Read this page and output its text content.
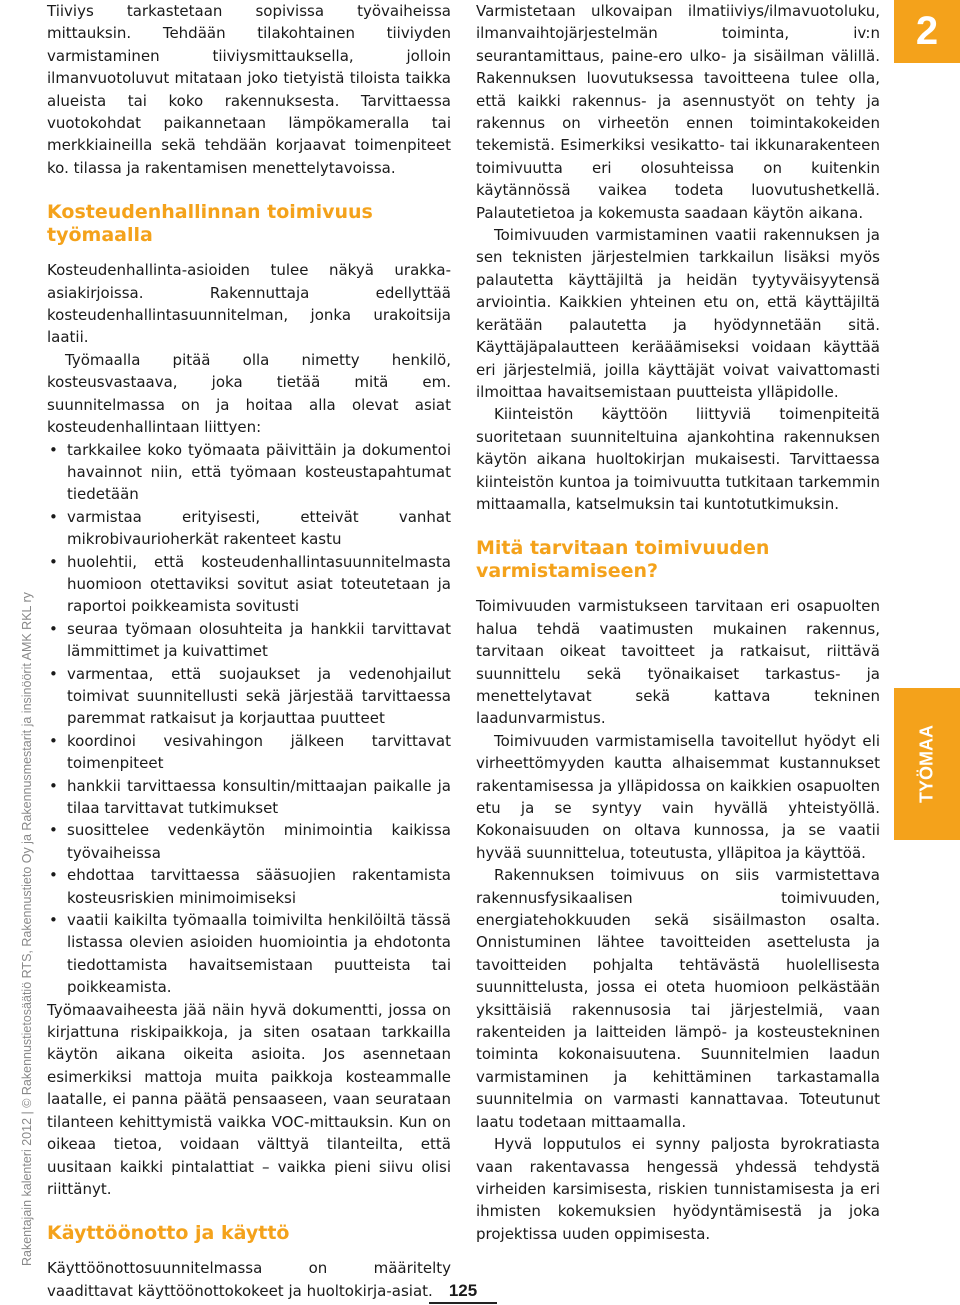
Rakentajain kalenteri 2012 | © Rakennustietosäätiö RTS, Rakennustieto Oy ja Rakennusmestarit ja insinöörit AMK RKL ry
2
TYÖMAA

Tiiviys tarkastetaan sopivissa työvaiheissa mittauksin. Tehdään tilakohtainen tiiviyden varmistaminen tiiviysmittauksella, jolloin ilmanvuotoluvut mitataan joko tietyistä tiloista taikka alueista tai koko rakennuksesta. Tarvittaessa vuotokohdat paikannetaan lämpökameralla tai merkkiaineilla sekä tehdään korjaavat toimenpiteet ko. tilassa ja rakentamisen menettelytavoissa.

Kosteudenhallinnan toimivuus työmaalla

Kosteudenhallinta-asioiden tulee näkyä urakka-asiakirjoissa. Rakennuttaja edellyttää kosteudenhallintasuunnitelman, jonka urakoitsija laatii.

Työmaalla pitää olla nimetty henkilö, kosteusvastaava, joka tietää mitä em. suunnitelmassa on ja hoitaa alla olevat asiat kosteudenhallintaan liittyen:

• tarkkailee koko työmaata päivittäin ja dokumentoi havainnot niin, että työmaan kosteustapahtumat tiedetään
• varmistaa erityisesti, etteivät vanhat mikrobivaurioherkät rakenteet kastu
• huolehtii, että kosteudenhallintasuunnitelmasta huomioon otettaviksi sovitut asiat toteutetaan ja raportoi poikkeamista sovitusti
• seuraa työmaan olosuhteita ja hankkii tarvittavat lämmittimet ja kuivattimet
• varmentaa, että suojaukset ja vedenohjailut toimivat suunnitellusti sekä järjestää tarvittaessa paremmat ratkaisut ja korjauttaa puutteet
• koordinoi vesivahingon jälkeen tarvittavat toimenpiteet
• hankkii tarvittaessa konsultin/mittaajan paikalle ja tilaa tarvittavat tutkimukset
• suosittelee vedenkäytön minimointia kaikissa työvaiheissa
• ehdottaa tarvittaessa sääsuojien rakentamista kosteusriskien minimoimiseksi
• vaatii kaikilta työmaalla toimivilta henkilöiltä tässä listassa olevien asioiden huomiointia ja ehdotonta tiedottamista havaitsemistaan puutteista tai poikkeamista.

Työmaavaiheesta jää näin hyvä dokumentti, jossa on kirjattuna riskipaikkoja, ja siten osataan tarkkailla käytön aikana oikeita asioita. Jos asennetaan esimerkiksi mattoja muita paikkoja kosteammalle laatalle, ei panna päätä pensaaseen, vaan seurataan tilanteen kehittymistä vaikka VOC-mittauksin. Kun on oikeaa tietoa, voidaan välttyä tilanteilta, että uusitaan kaikki pintalattiat – vaikka pieni siivu olisi riittänyt.

Käyttöönotto ja käyttö

Käyttöönottosuunnitelmassa on määritelty vaadittavat käyttöönottokokeet ja huoltokirja-asiat.

Varmistetaan ulkovaipan ilmatiiviys/ilmavuotoluku, ilmanvaihtojärjestelmän toiminta, iv:n seurantamittaus, paine-ero ulko- ja sisäilman välillä. Rakennuksen luovutuksessa tavoitteena tulee olla, että kaikki rakennus- ja asennustyöt on tehty ja rakennus on virheetön ennen toimintakokeiden tekemistä. Esimerkiksi vesikatto- tai ikkunarakenteen toimivuutta eri olosuhteissa on kuitenkin käytännössä vaikea todeta luovutushetkellä. Palautetietoa ja kokemusta saadaan käytön aikana.

Toimivuuden varmistaminen vaatii rakennuksen ja sen teknisten järjestelmien tarkkailun lisäksi myös palautetta käyttäjiltä ja heidän tyytyväisyytensä arviointia. Kaikkien yhteinen etu on, että käyttäjiltä kerätään palautetta ja hyödynnetään sitä. Käyttäjäpalautteen kerääämiseksi voidaan käyttää eri järjestelmiä, joilla käyttäjät voivat vaivattomasti ilmoittaa havaitsemistaan puutteista ylläpidolle.

Kiinteistön käyttöön liittyviä toimenpiteitä suoritetaan suunniteltuina ajankohtina rakennuksen käytön aikana huoltokirjan mukaisesti. Tarvittaessa kiinteistön kuntoa ja toimivuutta tutkitaan tarkemmin mittaamalla, katselmuksin tai kuntotutkimuksin.

Mitä tarvitaan toimivuuden varmistamiseen?

Toimivuuden varmistukseen tarvitaan eri osapuolten halua tehdä vaatimusten mukainen rakennus, tarvitaan oikeat tavoitteet ja ratkaisut, riittävä suunnittelu sekä työnaikaiset tarkastus- ja menettelytavat sekä kattava tekninen laadunvarmistus.

Toimivuuden varmistamisella tavoitellut hyödyt eli virheettömyyden kautta alhaisemmat kustannukset rakentamisessa ja ylläpidossa on kaikkien osapuolten etu ja se syntyy vain hyvällä yhteistyöllä. Kokonaisuuden on oltava kunnossa, ja se vaatii hyvää suunnittelua, toteutusta, ylläpitoa ja käyttöä.

Rakennuksen toimivuus on siis varmistettava rakennusfysikaalisen toimivuuden, energiatehokkuuden sekä sisäilmaston osalta. Onnistuminen lähtee tavoitteiden asettelusta ja tavoitteiden pohjalta tehtävästä huolellisesta suunnittelusta, jossa ei oteta huomioon pelkästään yksittäisiä rakennusosia tai järjestelmiä, vaan rakenteiden ja laitteiden lämpö- ja kosteustekninen toiminta kokonaisuutena. Suunnitelmien laadun varmistaminen ja kehittäminen tarkastamalla suunnitelmia on varmasti kannattavaa. Toteutunut laatu todetaan mittaamalla.

Hyvä lopputulos ei synny paljosta byrokratiasta vaan rakentavassa hengessä yhdessä tehdystä virheiden karsimisesta, riskien tunnistamisesta ja eri ihmisten kokemuksien hyödyntämisestä ja joka projektissa uuden oppimisesta.

125
